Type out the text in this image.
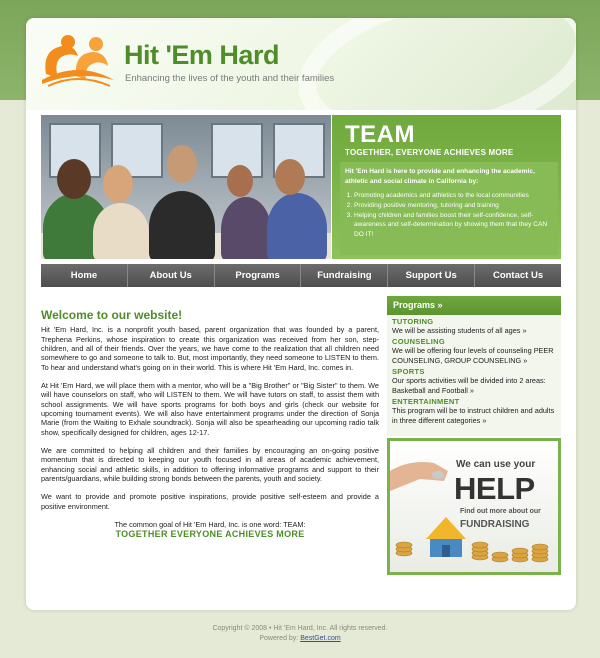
Hit 'Em Hard
Enhancing the lives of the youth and their families
TEAM
TOGETHER, EVERYONE ACHIEVES MORE
Hit 'Em Hard is here to provide and enhancing the academic, athletic and social climate in California by:
1. Promoting academics and athletics to the local communities
2. Providing positive mentoring, tutoring and training
3. Helping children and families boost their self-confidence, self-awareness and self-determination by showing them that they CAN DO IT!
Home	About Us	Programs	Fundraising	Support Us	Contact Us
Welcome to our website!

Hit 'Em Hard, Inc. is a nonprofit youth based, parent organization that was founded by a parent, Trephena Perkins, whose inspiration to create this organization was received from her son, step-children, and all of their friends. Over the years, we have come to the realization that all children need somewhere to go and someone to talk to. But, most importantly, they need someone to LISTEN to them. To hear and understand what's going on in their world. This is where Hit 'Em Hard, Inc. comes in.

At Hit 'Em Hard, we will place them with a mentor, who will be a "Big Brother" or "Big Sister" to them. We will have counselors on staff, who will LISTEN to them. We will have tutors on staff, to assist them with school assignments. We will have sports programs for both boys and girls (check our website for upcoming tournament events). We will also have entertainment programs under the direction of Sonja Marie (from the Waiting to Exhale soundtrack). Sonja will also be spearheading our upcoming radio talk show, specifically designed for children, ages 12-17.

We are committed to helping all children and their families by encouraging an on-going positive momentum that is directed to keeping our youth focused in all areas of academic achievement, enhancing social and athletic skills, in addition to offering informative programs and support to their parents/guardians, while building strong bonds between the parents, youth and society.

We want to provide and promote positive inspirations, provide positive self-esteem and provide a positive environment.

The common goal of Hit 'Em Hard, Inc. is one word: TEAM:
TOGETHER EVERYONE ACHIEVES MORE
Programs »
TUTORING
We will be assisting students of all ages »
COUNSELING
We will be offering four levels of counseling PEER COUNSELING, GROUP COUNSELING »
SPORTS
Our sports activities will be divided into 2 areas: Basketball and Football »
ENTERTAINMENT
This program will be to instruct children and adults in three different categories »
We can use your
HELP
Find out more about our
FUNDRAISING
Copyright © 2008 • Hit 'Em Hard, Inc. All rights reserved.
Powered by: BestGet.com
